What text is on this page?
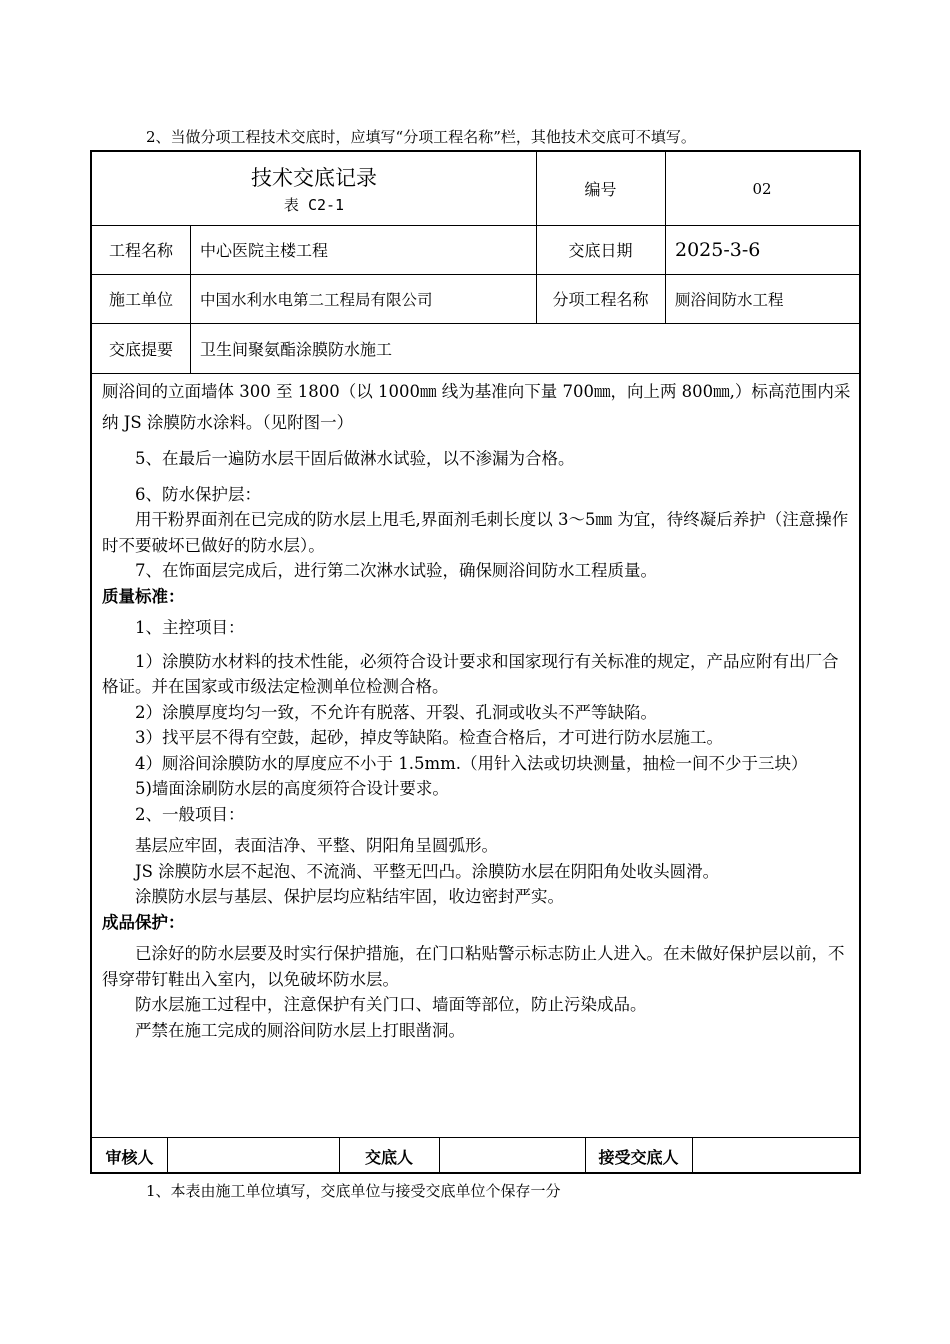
2、当做分项工程技术交底时，应填写“分项工程名称”栏，其他技术交底可不填写。
技术交底记录
表 C2-1
编号	02
工程名称	中心医院主楼工程	交底日期	2025-3-6
施工单位	中国水利水电第二工程局有限公司	分项工程名称	厕浴间防水工程
交底提要	卫生间聚氨酯涂膜防水施工

厕浴间的立面墙体 300 至 1800（以 1000㎜ 线为基准向下量 700㎜，向上两 800㎜,）标高范围内采纳 JS 涂膜防水涂料。（见附图一）

5、在最后一遍防水层干固后做淋水试验，以不渗漏为合格。

6、防水保护层：

用干粉界面剂在已完成的防水层上甩毛,界面剂毛刺长度以 3～5㎜ 为宜，待终凝后养护（注意操作时不要破坏已做好的防水层）。

7、在饰面层完成后，进行第二次淋水试验，确保厕浴间防水工程质量。

质量标准：

1、主控项目：

1）涂膜防水材料的技术性能，必须符合设计要求和国家现行有关标准的规定，产品应附有出厂合格证。并在国家或市级法定检测单位检测合格。

2）涂膜厚度均匀一致，不允许有脱落、开裂、孔洞或收头不严等缺陷。

3）找平层不得有空鼓，起砂，掉皮等缺陷。检查合格后，才可进行防水层施工。

4）厕浴间涂膜防水的厚度应不小于 1.5mm.（用针入法或切块测量，抽检一间不少于三块）

5)墙面涂刷防水层的高度须符合设计要求。

2、一般项目：

基层应牢固，表面洁净、平整、阴阳角呈圆弧形。

JS 涂膜防水层不起泡、不流淌、平整无凹凸。涂膜防水层在阴阳角处收头圆滑。

涂膜防水层与基层、保护层均应粘结牢固，收边密封严实。

成品保护：

已涂好的防水层要及时实行保护措施，在门口粘贴警示标志防止人进入。在未做好保护层以前，不得穿带钉鞋出入室内，以免破坏防水层。

防水层施工过程中，注意保护有关门口、墙面等部位，防止污染成品。

严禁在施工完成的厕浴间防水层上打眼凿洞。

审核人	交底人	接受交底人
1、本表由施工单位填写，交底单位与接受交底单位个保存一分
